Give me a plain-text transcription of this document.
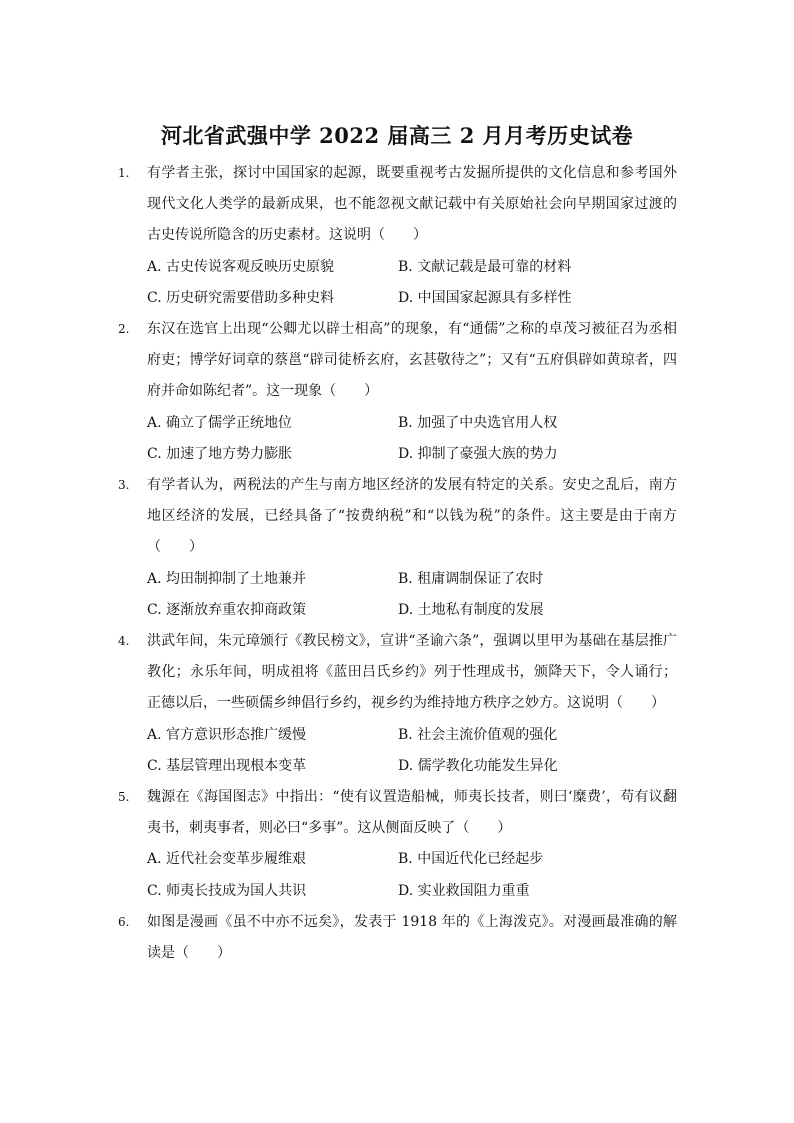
河北省武强中学 2022 届高三 2 月月考历史试卷
1. 有学者主张，探讨中国国家的起源，既要重视考古发掘所提供的文化信息和参考国外现代文化人类学的最新成果，也不能忽视文献记载中有关原始社会向早期国家过渡的古史传说所隐含的历史素材。这说明（　　）
A. 古史传说客观反映历史原貌	B. 文献记载是最可靠的材料
C. 历史研究需要借助多种史料	D. 中国国家起源具有多样性
2. 东汉在选官上出现“公卿尤以辟士相高”的现象，有“通儒”之称的卓茂习被征召为丞相府吏；博学好词章的蔡邕“辟司徒桥玄府，玄甚敬待之”；又有“五府俱辟如黄琼者，四府并命如陈纪者”。这一现象（　　）
A. 确立了儒学正统地位	B. 加强了中央选官用人权
C. 加速了地方势力膨胀	D. 抑制了豪强大族的势力
3. 有学者认为，两税法的产生与南方地区经济的发展有特定的关系。安史之乱后，南方地区经济的发展，已经具备了“按费纳税”和“以钱为税”的条件。这主要是由于南方（　　）
A. 均田制抑制了土地兼并	B. 租庸调制保证了农时
C. 逐渐放弃重农抑商政策	D. 土地私有制度的发展
4. 洪武年间，朱元璋颁行《教民榜文》，宣讲“圣谕六条”，强调以里甲为基础在基层推广教化；永乐年间，明成祖将《蓝田吕氏乡约》列于性理成书，颁降天下，令人诵行；正德以后，一些硕儒乡绅倡行乡约，视乡约为维持地方秩序之妙方。这说明（　　）
A. 官方意识形态推广缓慢	B. 社会主流价值观的强化
C. 基层管理出现根本变革	D. 儒学教化功能发生异化
5. 魏源在《海国图志》中指出：“使有议置造船械，师夷长技者，则曰‘糜费’，苟有议翻夷书，刺夷事者，则必曰“多事”。这从侧面反映了（　　）
A. 近代社会变革步履维艰	B. 中国近代化已经起步
C. 师夷长技成为国人共识	D. 实业救国阻力重重
6. 如图是漫画《虽不中亦不远矣》，发表于 1918 年的《上海泼克》。对漫画最准确的解读是（　　）
